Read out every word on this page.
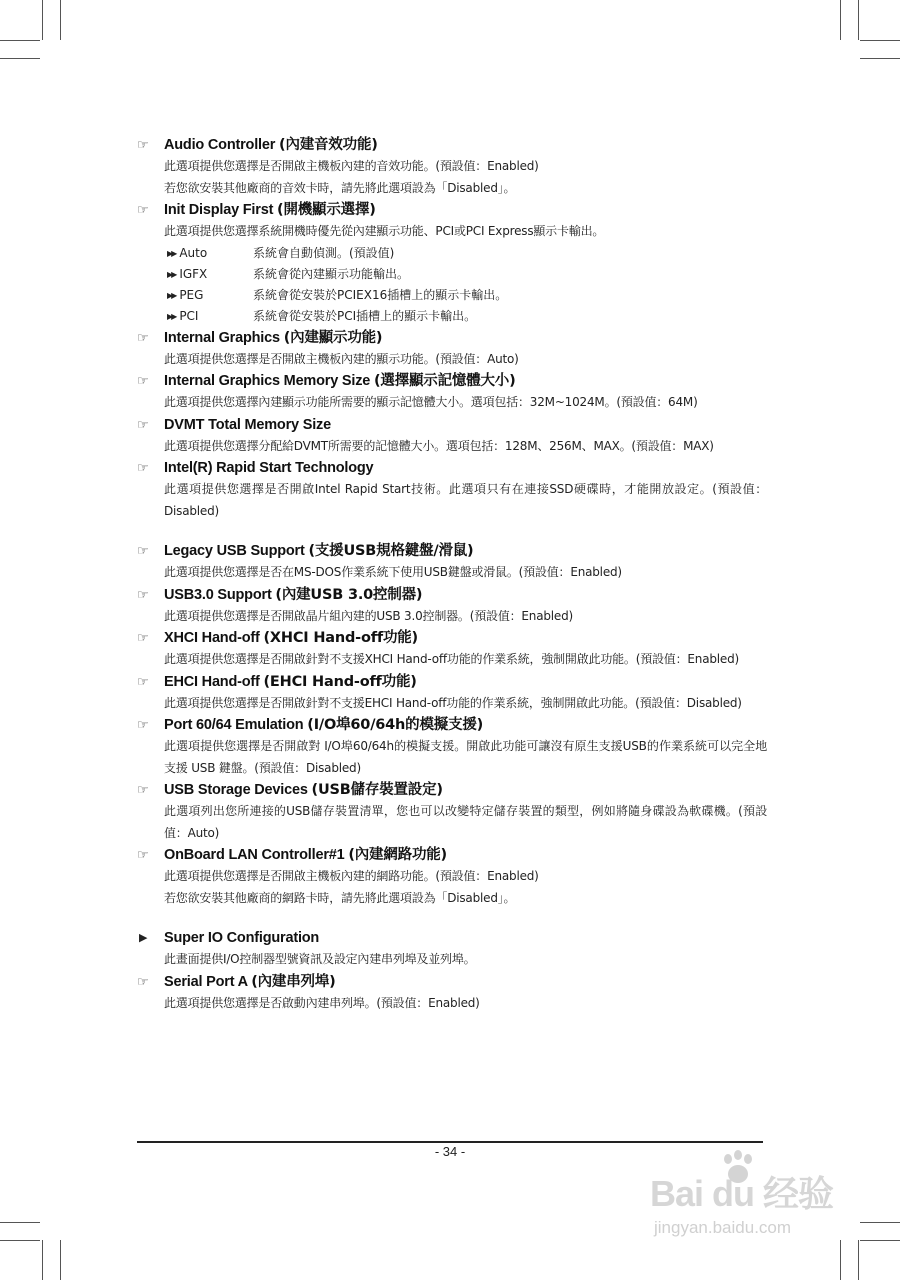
☞ Audio Controller (內建音效功能)
此選項提供您選擇是否開啟主機板內建的音效功能。(預設值：Enabled)
若您欲安裝其他廠商的音效卡時，請先將此選項設為「Disabled」。
☞ Init Display First (開機顯示選擇)
此選項提供您選擇系統開機時優先從內建顯示功能、PCI或PCI Express顯示卡輸出。
▶▶ Auto	系統會自動偵測。(預設值)
▶▶ IGFX	系統會從內建顯示功能輸出。
▶▶ PEG	系統會從安裝於PCIEX16插槽上的顯示卡輸出。
▶▶ PCI	系統會從安裝於PCI插槽上的顯示卡輸出。
☞ Internal Graphics (內建顯示功能)
此選項提供您選擇是否開啟主機板內建的顯示功能。(預設值：Auto)
☞ Internal Graphics Memory Size (選擇顯示記憶體大小)
此選項提供您選擇內建顯示功能所需要的顯示記憶體大小。選項包括：32M~1024M。(預設值：64M)
☞ DVMT Total Memory Size
此選項提供您選擇分配給DVMT所需要的記憶體大小。選項包括：128M、256M、MAX。(預設值：MAX)
☞ Intel(R) Rapid Start Technology
此選項提供您選擇是否開啟Intel Rapid Start技術。此選項只有在連接SSD硬碟時，才能開放設定。(預設值：Disabled)
☞ Legacy USB Support (支援USB規格鍵盤/滑鼠)
此選項提供您選擇是否在MS-DOS作業系統下使用USB鍵盤或滑鼠。(預設值：Enabled)
☞ USB3.0 Support (內建USB 3.0控制器)
此選項提供您選擇是否開啟晶片組內建的USB 3.0控制器。(預設值：Enabled)
☞ XHCI Hand-off (XHCI Hand-off功能)
此選項提供您選擇是否開啟針對不支援XHCI Hand-off功能的作業系統，強制開啟此功能。(預設值：Enabled)
☞ EHCI Hand-off (EHCI Hand-off功能)
此選項提供您選擇是否開啟針對不支援EHCI Hand-off功能的作業系統，強制開啟此功能。(預設值：Disabled)
☞ Port 60/64 Emulation (I/O埠60/64h的模擬支援)
此選項提供您選擇是否開啟對 I/O埠60/64h的模擬支援。開啟此功能可讓沒有原生支援USB的作業系統可以完全地支援 USB 鍵盤。(預設值：Disabled)
☞ USB Storage Devices (USB儲存裝置設定)
此選項列出您所連接的USB儲存裝置清單，您也可以改變特定儲存裝置的類型，例如將隨身碟設為軟碟機。(預設值：Auto)
☞ OnBoard LAN Controller#1 (內建網路功能)
此選項提供您選擇是否開啟主機板內建的網路功能。(預設值：Enabled)
若您欲安裝其他廠商的網路卡時，請先將此選項設為「Disabled」。
▶ Super IO Configuration
此畫面提供I/O控制器型號資訊及設定內建串列埠及並列埠。
☞ Serial Port A (內建串列埠)
此選項提供您選擇是否啟動內建串列埠。(預設值：Enabled)
- 34 -
Bai du 经验
jingyan.baidu.com
